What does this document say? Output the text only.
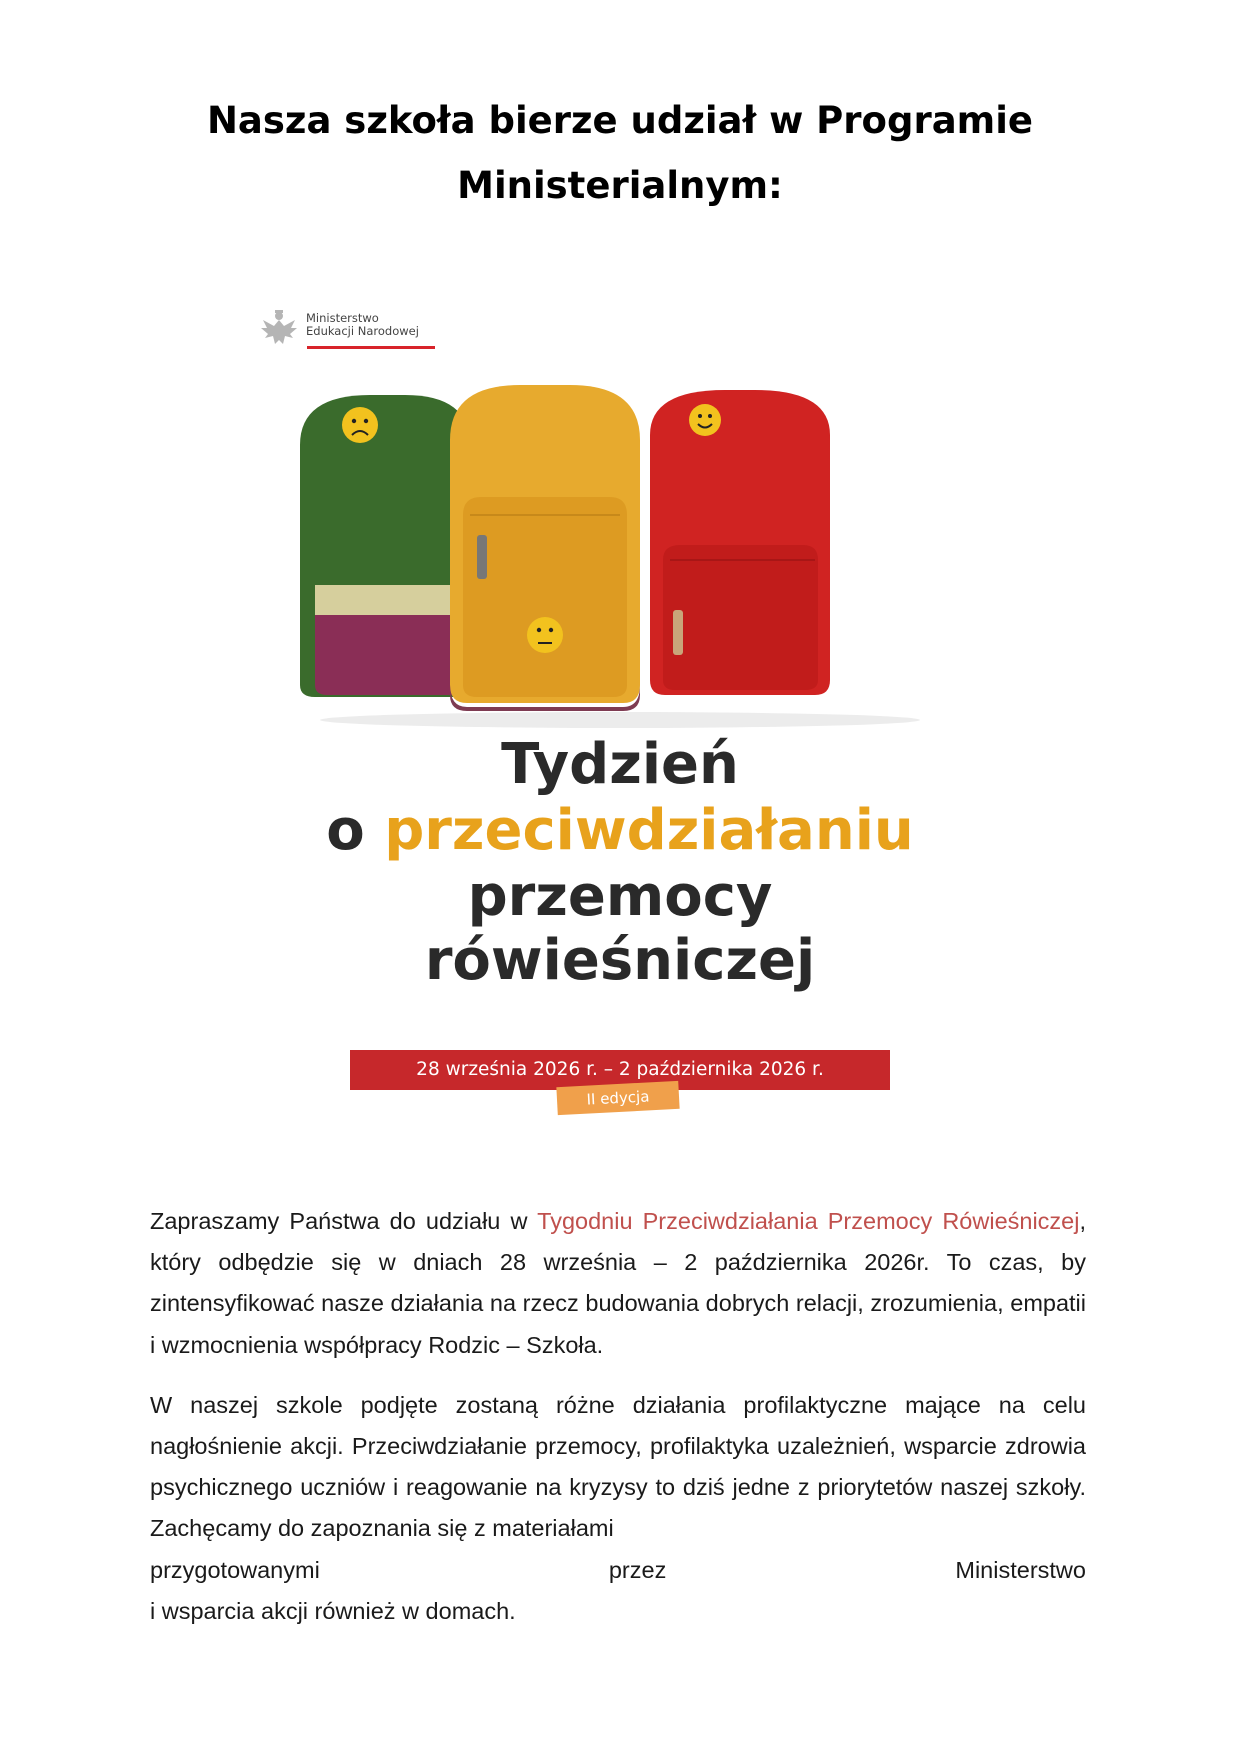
Nasza szkoła bierze udział w Programie
Ministerialnym:
Ministerstwo
Edukacji Narodowej
Tydzień
o przeciwdziałaniu
przemocy
rówieśniczej
28 września 2026 r. – 2 października 2026 r.
II edycja

Zapraszamy Państwa do udziału w Tygodniu Przeciwdziałania Przemocy Rówieśniczej, który odbędzie się w dniach 28 września – 2 października 2026r. To czas, by zintensyfikować nasze działania na rzecz budowania dobrych relacji, zrozumienia, empatii i wzmocnienia współpracy Rodzic – Szkoła.

W naszej szkole podjęte zostaną różne działania profilaktyczne mające na celu nagłośnienie akcji. Przeciwdziałanie przemocy, profilaktyka uzależnień, wsparcie zdrowia psychicznego uczniów i reagowanie na kryzysy to dziś jedne z priorytetów naszej szkoły. Zachęcamy do zapoznania się z materiałami
przygotowanymi	przez	Ministerstwo
i wsparcia akcji również w domach.
